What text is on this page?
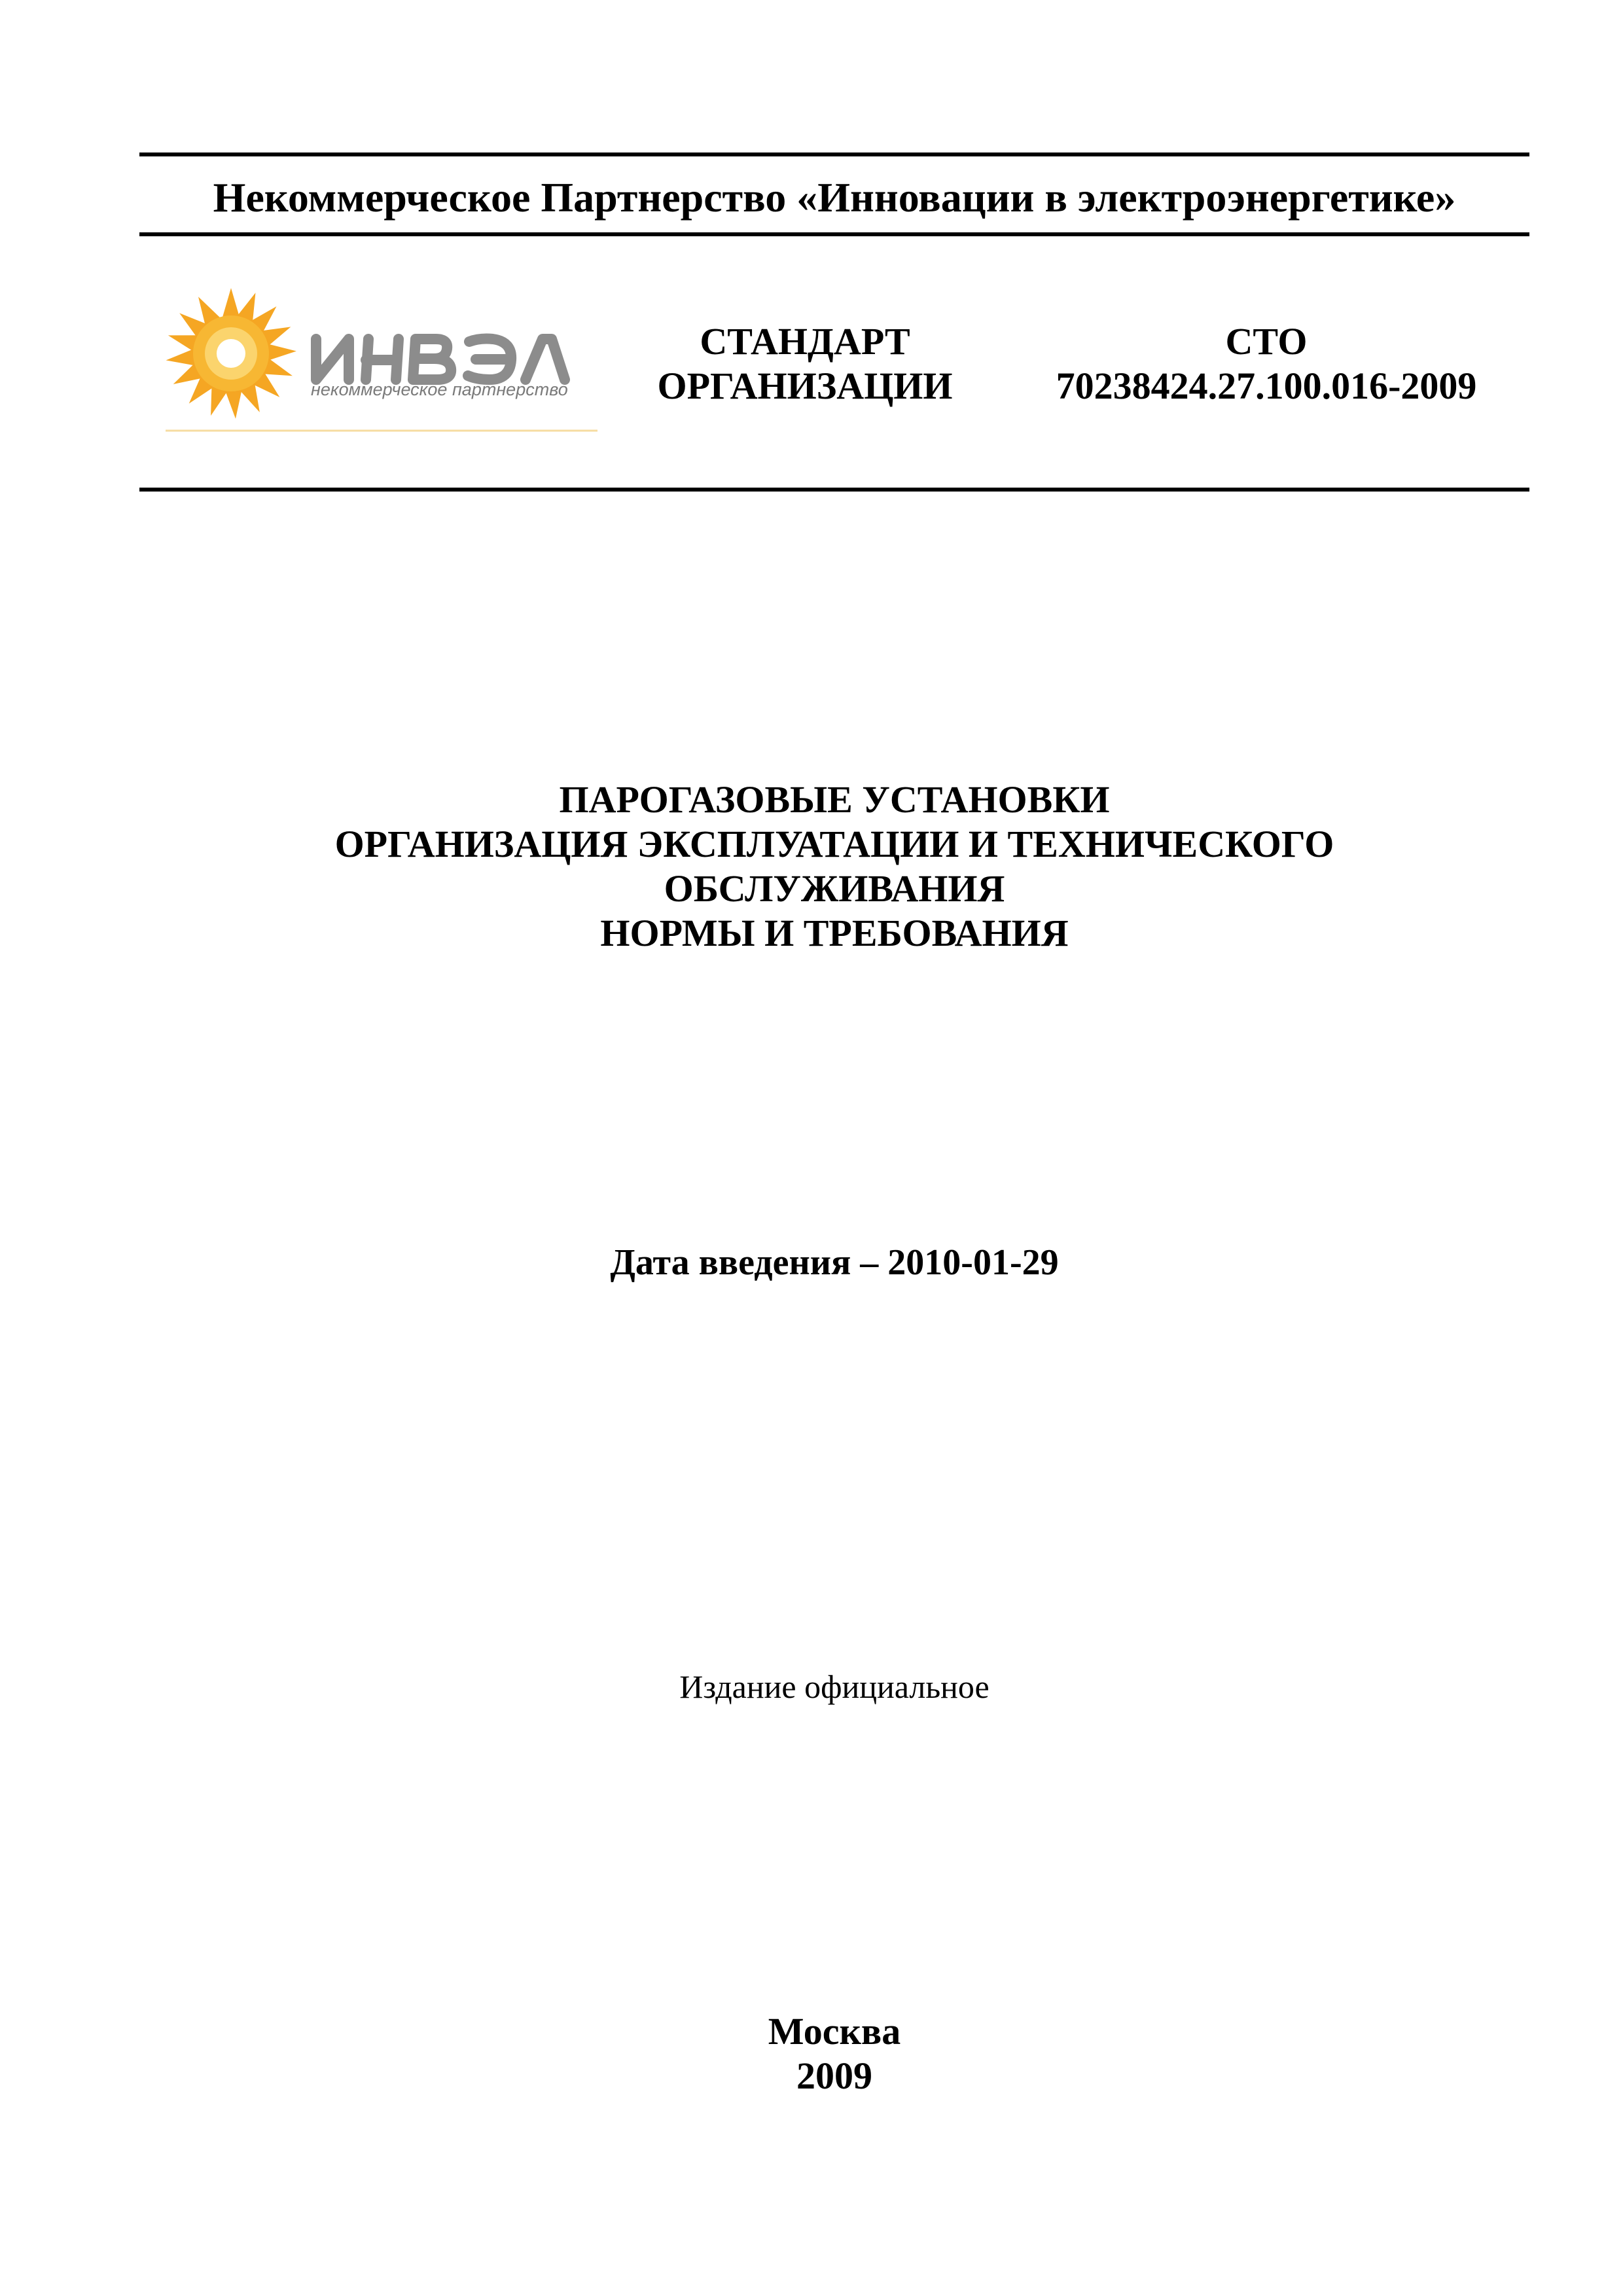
Некоммерческое Партнерство «Инновации в электроэнергетике»
некоммерческое партнерство
СТАНДАРТ
ОРГАНИЗАЦИИ
СТО
70238424.27.100.016-2009
ПАРОГАЗОВЫЕ УСТАНОВКИ
ОРГАНИЗАЦИЯ ЭКСПЛУАТАЦИИ И ТЕХНИЧЕСКОГО
ОБСЛУЖИВАНИЯ
НОРМЫ И ТРЕБОВАНИЯ
Дата введения – 2010-01-29
Издание официальное
Москва
2009
